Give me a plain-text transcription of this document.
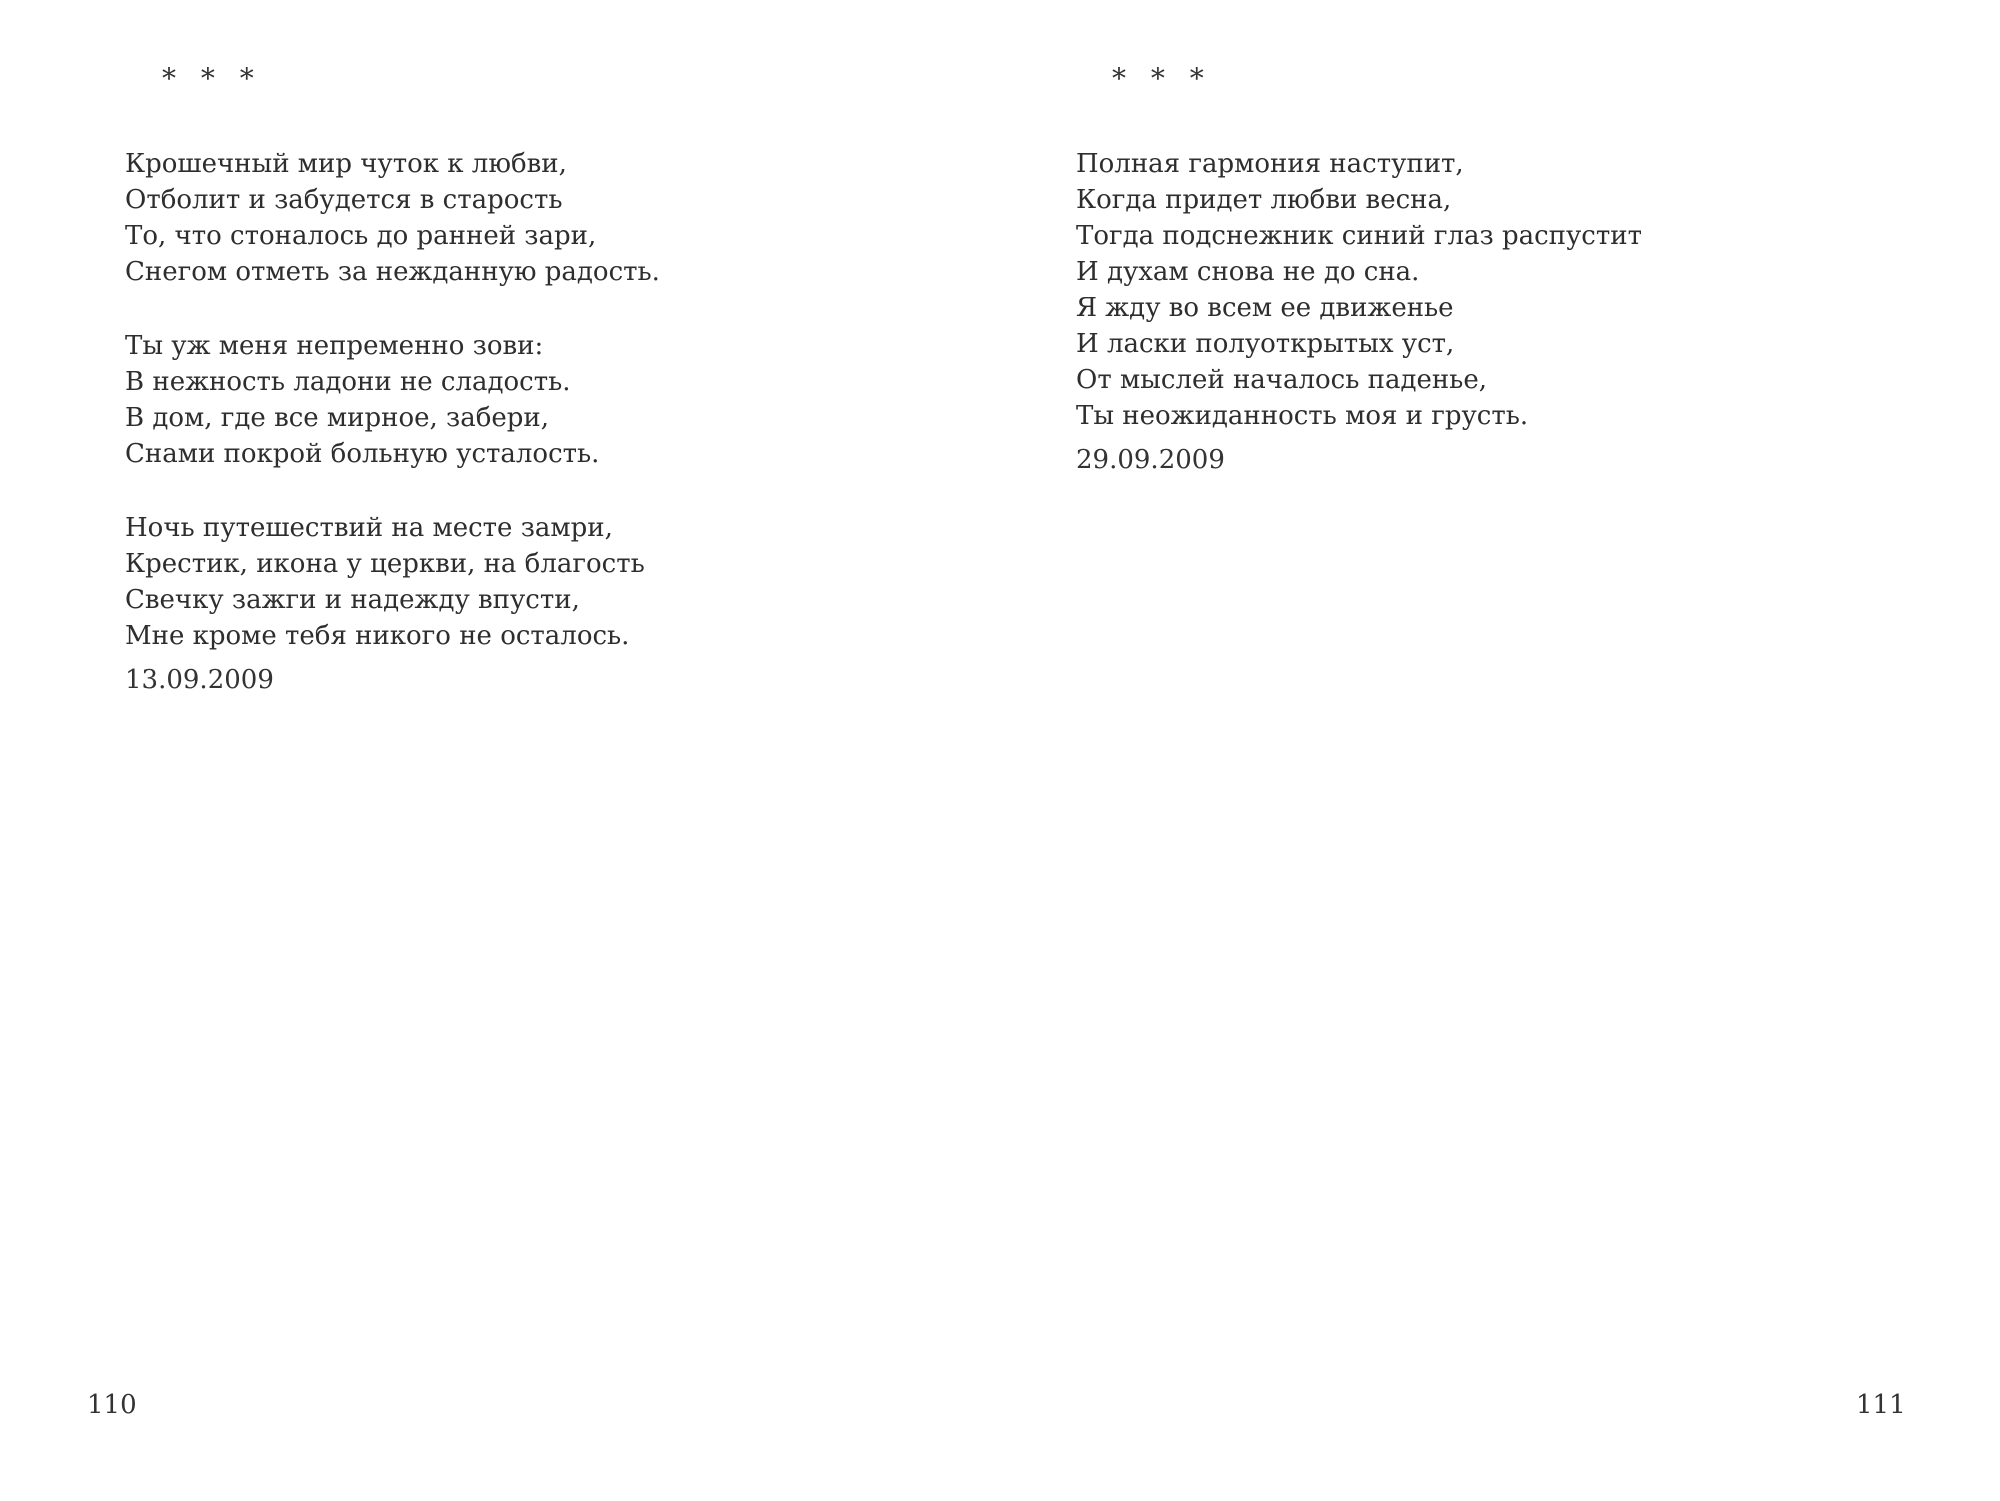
* * *
Крошечный мир чуток к любви,
Отболит и забудется в старость
То, что стоналось до ранней зари,
Снегом отметь за нежданную радость.
Ты уж меня непременно зови:
В нежность ладони не сладость.
В дом, где все мирное, забери,
Снами покрой больную усталость.
Ночь путешествий на месте замри,
Крестик, икона у церкви, на благость
Свечку зажги и надежду впусти,
Мне кроме тебя никого не осталось.
13.09.2009
110
* * *
Полная гармония наступит,
Когда придет любви весна,
Тогда подснежник синий глаз распустит
И духам снова не до сна.
Я жду во всем ее движенье
И ласки полуоткрытых уст,
От мыслей началось паденье,
Ты неожиданность моя и грусть.
29.09.2009
111
